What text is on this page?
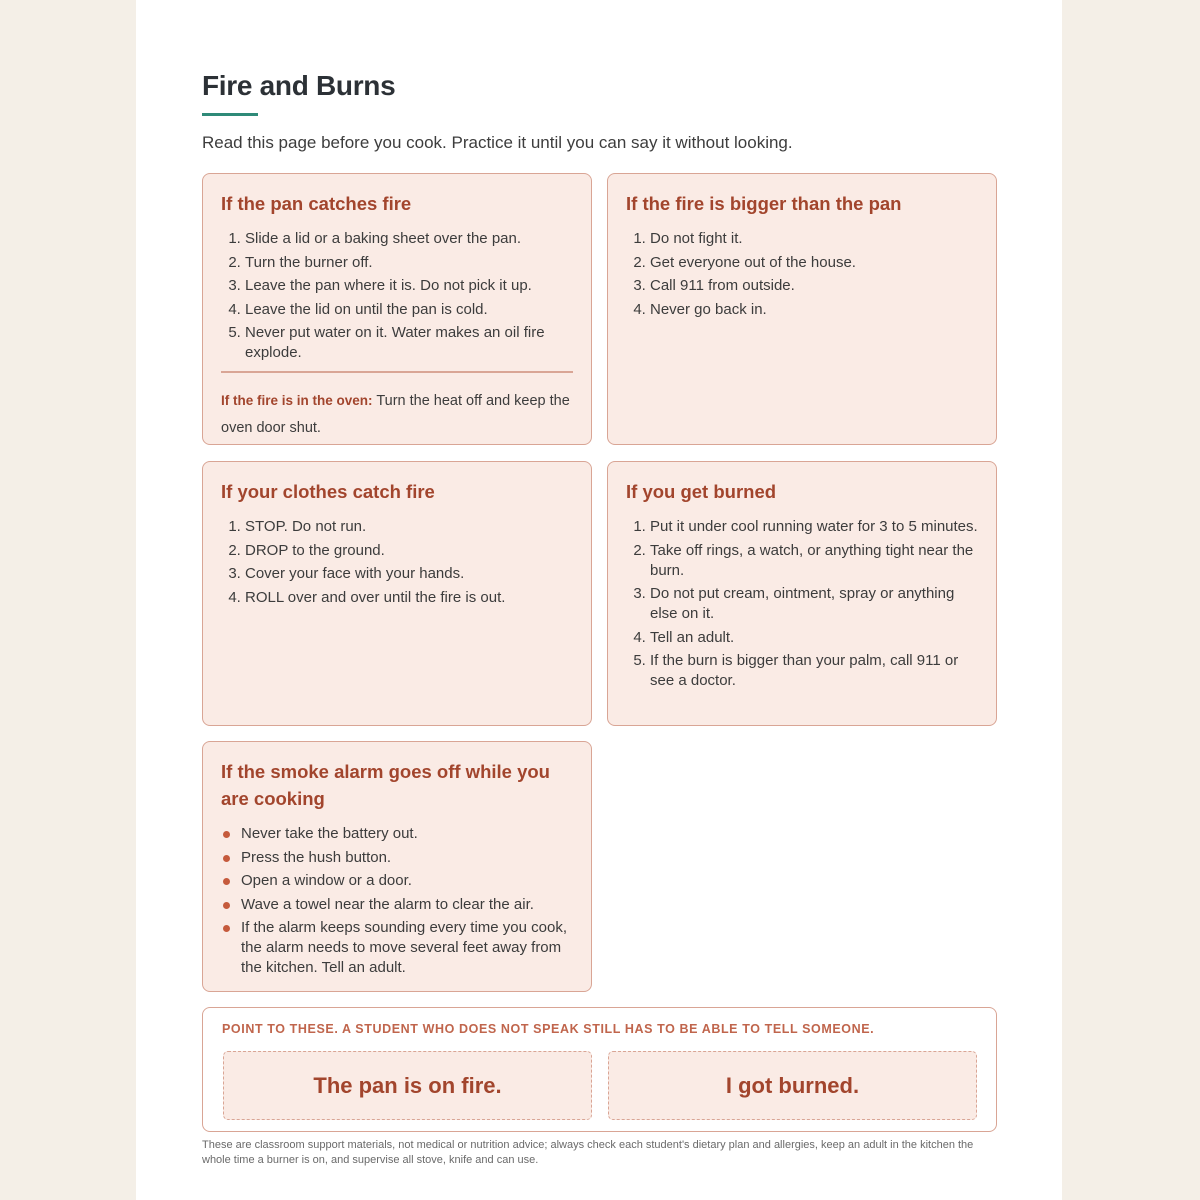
Fire and Burns

Read this page before you cook. Practice it until you can say it without looking.

If the pan catches fire
1. Slide a lid or a baking sheet over the pan.
2. Turn the burner off.
3. Leave the pan where it is. Do not pick it up.
4. Leave the lid on until the pan is cold.
5. Never put water on it. Water makes an oil fire explode.

If the fire is in the oven: Turn the heat off and keep the oven door shut.

If the fire is bigger than the pan
1. Do not fight it.
2. Get everyone out of the house.
3. Call 911 from outside.
4. Never go back in.
If your clothes catch fire
1. STOP. Do not run.
2. DROP to the ground.
3. Cover your face with your hands.
4. ROLL over and over until the fire is out.
If you get burned
1. Put it under cool running water for 3 to 5 minutes.
2. Take off rings, a watch, or anything tight near the burn.
3. Do not put cream, ointment, spray or anything else on it.
4. Tell an adult.
5. If the burn is bigger than your palm, call 911 or see a doctor.
If the smoke alarm goes off while you are cooking
Never take the battery out.
Press the hush button.
Open a window or a door.
Wave a towel near the alarm to clear the air.
If the alarm keeps sounding every time you cook, the alarm needs to move several feet away from the kitchen. Tell an adult.

POINT TO THESE. A STUDENT WHO DOES NOT SPEAK STILL HAS TO BE ABLE TO TELL SOMEONE.

The pan is on fire.	I got burned.

These are classroom support materials, not medical or nutrition advice; always check each student's dietary plan and allergies, keep an adult in the kitchen the whole time a burner is on, and supervise all stove, knife and can use.
